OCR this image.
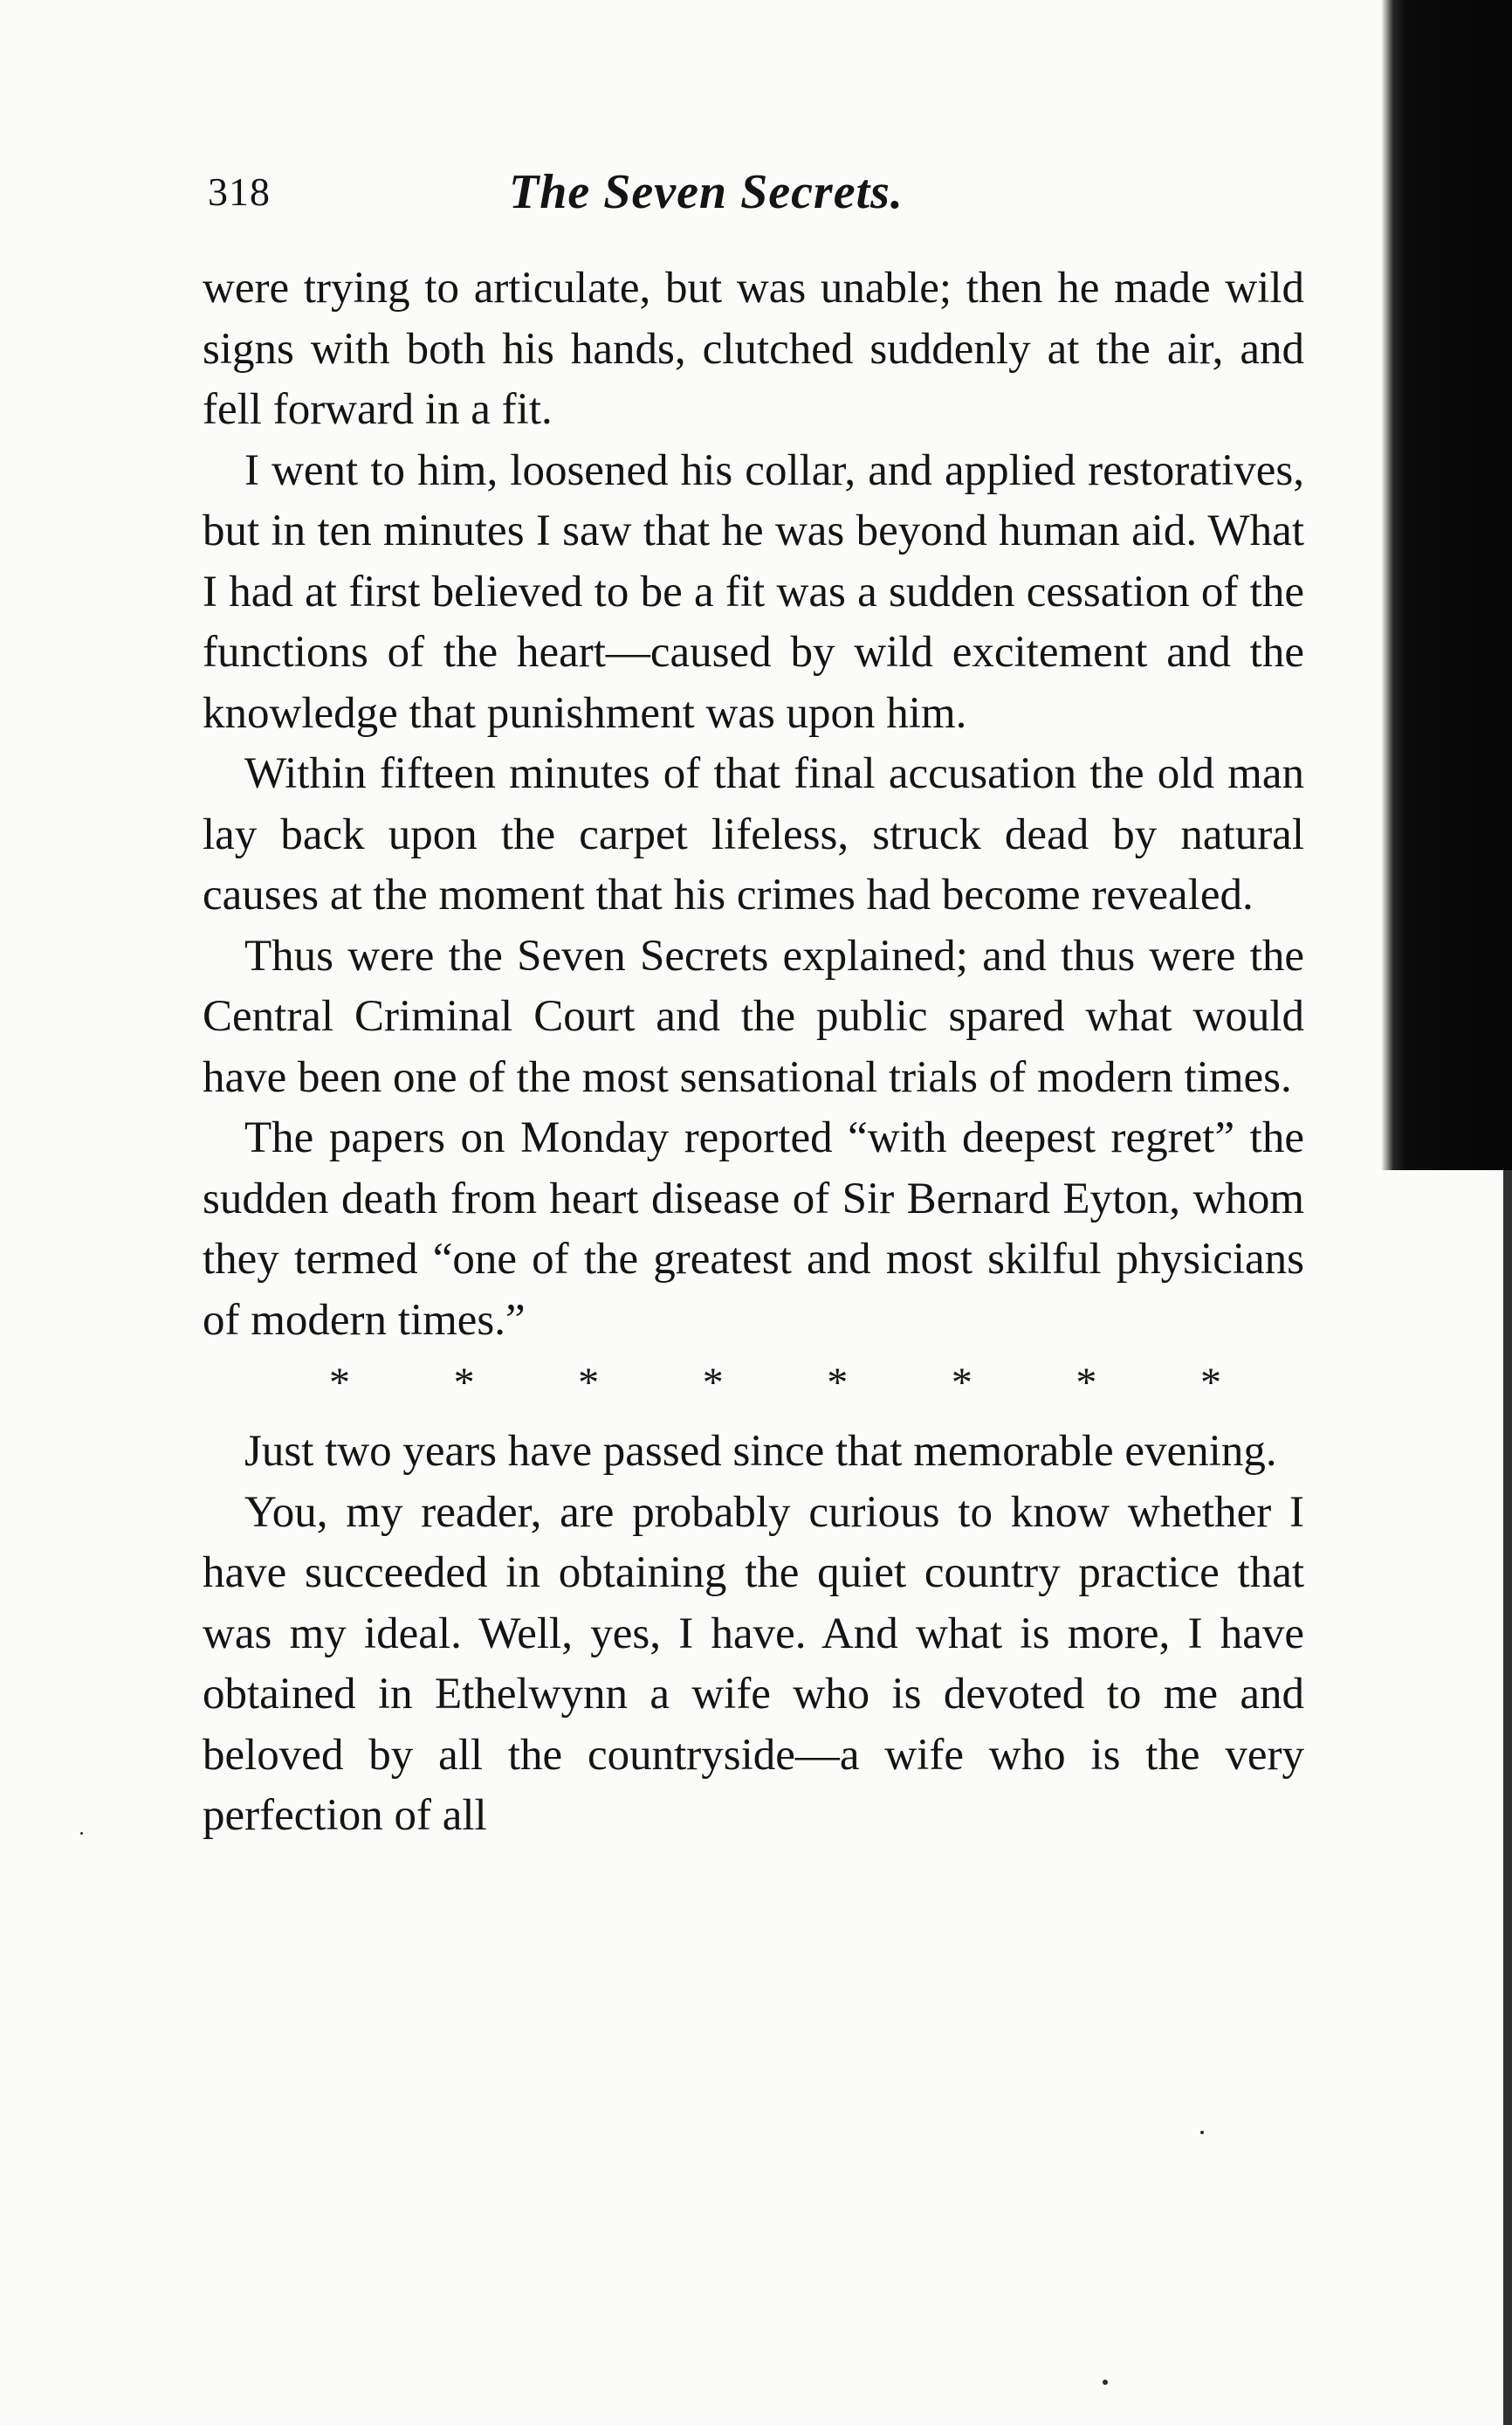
318	The Seven Secrets.

were trying to articulate, but was unable; then he made wild signs with both his hands, clutched suddenly at the air, and fell forward in a fit.

I went to him, loosened his collar, and applied restoratives, but in ten minutes I saw that he was beyond human aid. What I had at first believed to be a fit was a sudden cessation of the functions of the heart—caused by wild excitement and the knowledge that punishment was upon him.

Within fifteen minutes of that final accusation the old man lay back upon the carpet lifeless, struck dead by natural causes at the moment that his crimes had become revealed.

Thus were the Seven Secrets explained; and thus were the Central Criminal Court and the public spared what would have been one of the most sensational trials of modern times.

The papers on Monday reported “with deepest regret” the sudden death from heart disease of Sir Bernard Eyton, whom they termed “one of the greatest and most skilful physicians of modern times.”

* * * * * * * *

Just two years have passed since that memorable evening.

You, my reader, are probably curious to know whether I have succeeded in obtaining the quiet country practice that was my ideal. Well, yes, I have. And what is more, I have obtained in Ethelwynn a wife who is devoted to me and beloved by all the countryside—a wife who is the very perfection of all
